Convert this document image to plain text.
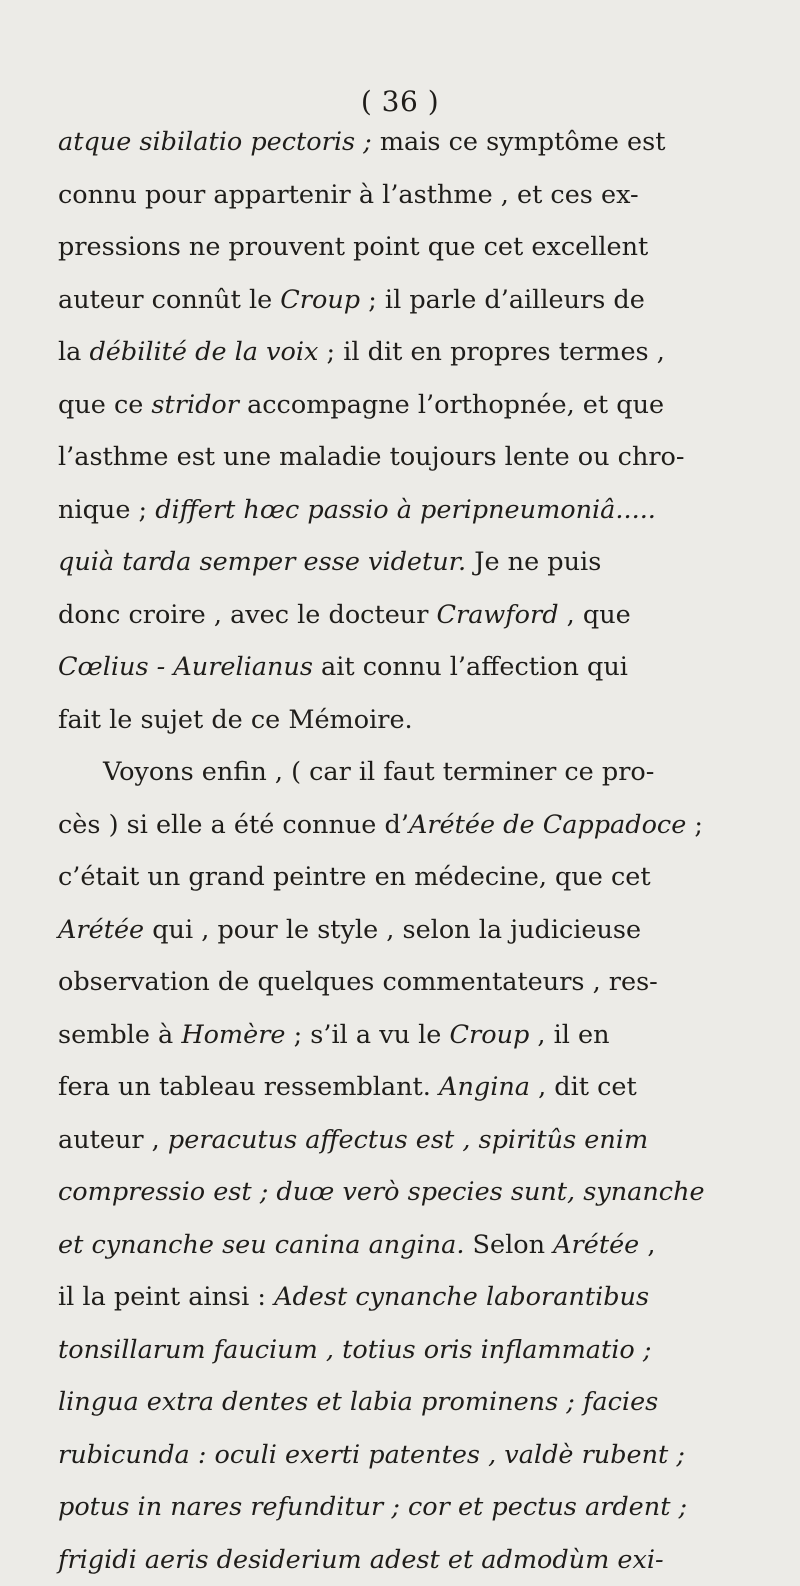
( 36 )
atque sibilatio pectoris ; mais ce symptôme est
connu pour appartenir à l’asthme , et ces ex-
pressions ne prouvent point que cet excellent
auteur connût le Croup ; il parle d’ailleurs de
la débilité de la voix ; il dit en propres termes ,
que ce stridor accompagne l’orthopnée, et que
l’asthme est une maladie toujours lente ou chro-
nique ; differt hœc passio à peripneumoniâ.....
quià tarda semper esse videtur. Je ne puis
donc croire , avec le docteur Crawford , que
Cœlius - Aurelianus ait connu l’affection qui
fait le sujet de ce Mémoire.
Voyons enfin , ( car il faut terminer ce pro-
cès ) si elle a été connue d’Arétée de Cappadoce ;
c’était un grand peintre en médecine, que cet
Arétée qui , pour le style , selon la judicieuse
observation de quelques commentateurs , res-
semble à Homère ; s’il a vu le Croup , il en
fera un tableau ressemblant. Angina , dit cet
auteur , peracutus affectus est , spiritûs enim
compressio est ; duœ verò species sunt, synanche
et cynanche seu canina angina. Selon Arétée ,
il la peint ainsi : Adest cynanche laborantibus
tonsillarum faucium , totius oris inflammatio ;
lingua extra dentes et labia prominens ; facies
rubicunda : oculi exerti patentes , valdè rubent ;
potus in nares refunditur ; cor et pectus ardent ;
frigidi aeris desiderium adest et admodùm exi-
